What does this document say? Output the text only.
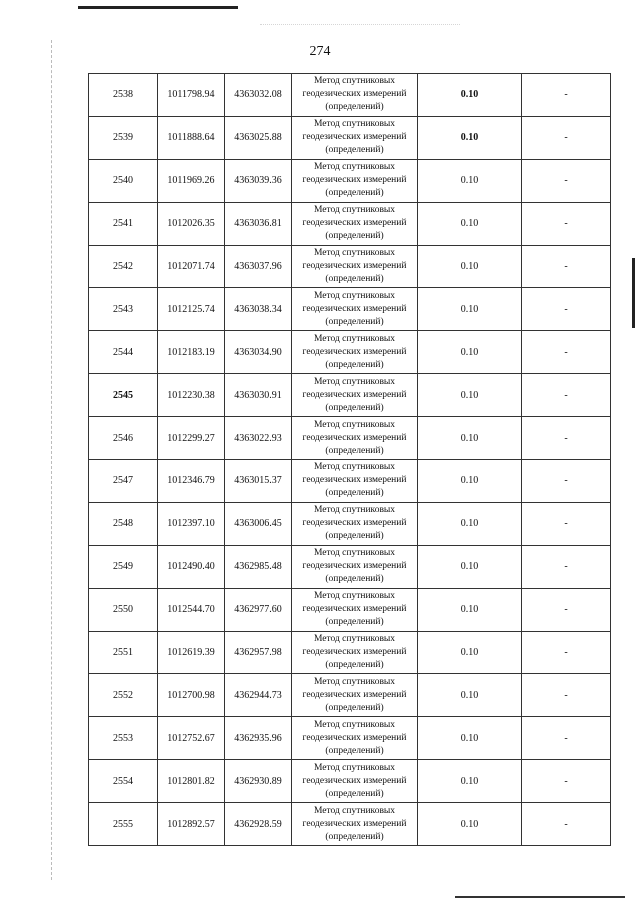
274
2538	1011798.94	4363032.08	Метод спутниковых
геодезических измерений
(определений)	0.10	-
2539	1011888.64	4363025.88	Метод спутниковых
геодезических измерений
(определений)	0.10	-
2540	1011969.26	4363039.36	Метод спутниковых
геодезических измерений
(определений)	0.10	-
2541	1012026.35	4363036.81	Метод спутниковых
геодезических измерений
(определений)	0.10	-
2542	1012071.74	4363037.96	Метод спутниковых
геодезических измерений
(определений)	0.10	-
2543	1012125.74	4363038.34	Метод спутниковых
геодезических измерений
(определений)	0.10	-
2544	1012183.19	4363034.90	Метод спутниковых
геодезических измерений
(определений)	0.10	-
2545	1012230.38	4363030.91	Метод спутниковых
геодезических измерений
(определений)	0.10	-
2546	1012299.27	4363022.93	Метод спутниковых
геодезических измерений
(определений)	0.10	-
2547	1012346.79	4363015.37	Метод спутниковых
геодезических измерений
(определений)	0.10	-
2548	1012397.10	4363006.45	Метод спутниковых
геодезических измерений
(определений)	0.10	-
2549	1012490.40	4362985.48	Метод спутниковых
геодезических измерений
(определений)	0.10	-
2550	1012544.70	4362977.60	Метод спутниковых
геодезических измерений
(определений)	0.10	-
2551	1012619.39	4362957.98	Метод спутниковых
геодезических измерений
(определений)	0.10	-
2552	1012700.98	4362944.73	Метод спутниковых
геодезических измерений
(определений)	0.10	-
2553	1012752.67	4362935.96	Метод спутниковых
геодезических измерений
(определений)	0.10	-
2554	1012801.82	4362930.89	Метод спутниковых
геодезических измерений
(определений)	0.10	-
2555	1012892.57	4362928.59	Метод спутниковых
геодезических измерений
(определений)	0.10	-
